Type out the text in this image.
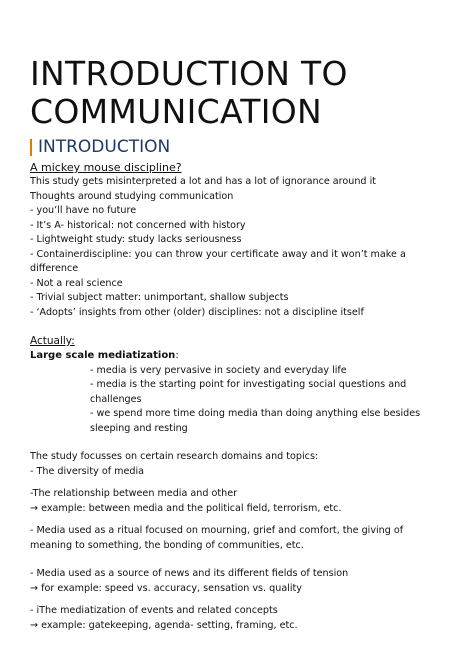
INTRODUCTION TO
COMMUNICATION
INTRODUCTION
A mickey mouse discipline?
This study gets misinterpreted a lot and has a lot of ignorance around it
Thoughts around studying communication
- you’ll have no future
- It’s A- historical: not concerned with history
- Lightweight study: study lacks seriousness
- Containerdiscipline: you can throw your certificate away and it won’t make a
difference
- Not a real science
- Trivial subject matter: unimportant, shallow subjects
- ‘Adopts’ insights from other (older) disciplines: not a discipline itself
Actually:
Large scale mediatization:
- media is very pervasive in society and everyday life
- media is the starting point for investigating social questions and
challenges
- we spend more time doing media than doing anything else besides
sleeping and resting
The study focusses on certain research domains and topics:
- The diversity of media
-The relationship between media and other
→ example: between media and the political field, terrorism, etc.
- Media used as a ritual focused on mourning, grief and comfort, the giving of
meaning to something, the bonding of communities, etc.
- Media used as a source of news and its different fields of tension
→ for example: speed vs. accuracy, sensation vs. quality
- iThe mediatization of events and related concepts
→ example: gatekeeping, agenda- setting, framing, etc.
